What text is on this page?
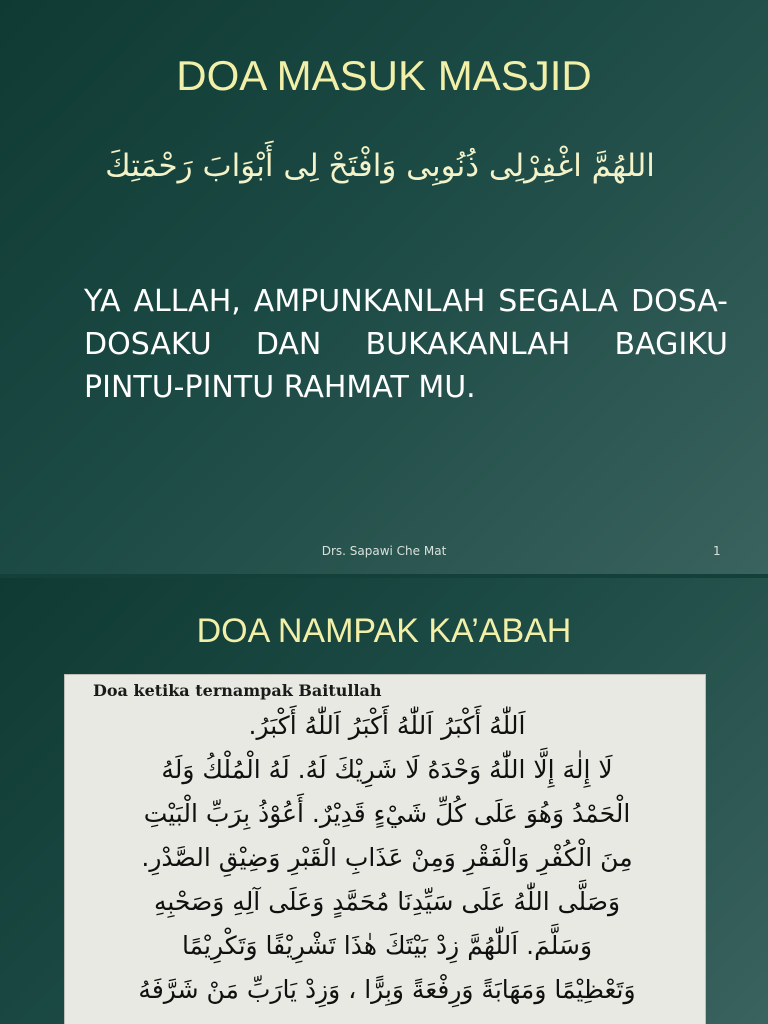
DOA MASUK MASJID
اللهُمَّ اغْفِرْلِى ذُنُوبِى وَافْتَحْ لِى أَبْوَابَ رَحْمَتِكَ
YA ALLAH, AMPUNKANLAH SEGALA DOSA-DOSAKU DAN BUKAKANLAH BAGIKU PINTU-PINTU RAHMAT MU.
Drs. Sapawi Che Mat	1
DOA NAMPAK KA’ABAH
Doa ketika ternampak Baitullah
اَللّٰهُ أَكْبَرُ اَللّٰهُ أَكْبَرُ اَللّٰهُ أَكْبَرُ.
لَا إِلٰهَ إِلَّا اللّٰهُ وَحْدَهُ لَا شَرِيْكَ لَهُ. لَهُ الْمُلْكُ وَلَهُ
الْحَمْدُ وَهُوَ عَلَى كُلِّ شَيْءٍ قَدِيْرٌ. أَعُوْذُ بِرَبِّ الْبَيْتِ
مِنَ الْكُفْرِ وَالْفَقْرِ وَمِنْ عَذَابِ الْقَبْرِ وَضِيْقِ الصَّدْرِ.
وَصَلَّى اللّٰهُ عَلَى سَيِّدِنَا مُحَمَّدٍ وَعَلَى آلِهِ وَصَحْبِهِ
وَسَلَّمَ. اَللّٰهُمَّ زِدْ بَيْتَكَ هٰذَا تَشْرِيْفًا وَتَكْرِيْمًا
وَتَعْظِيْمًا وَمَهَابَةً وَرِفْعَةً وَبِرًّا ، وَزِدْ يَارَبِّ مَنْ شَرَّفَهُ
